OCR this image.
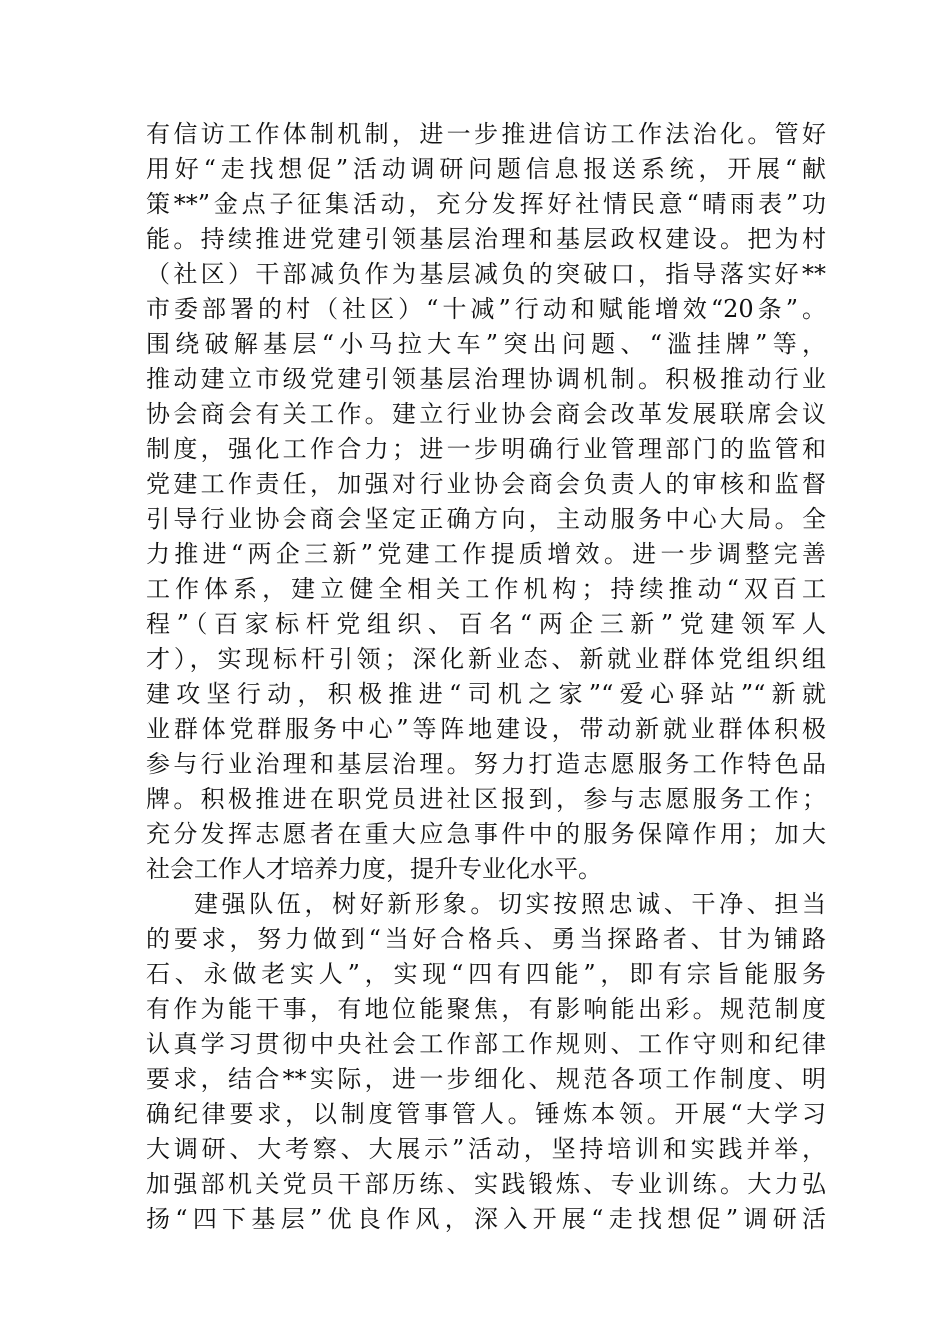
有信访工作体制机制，进一步推进信访工作法治化。管好
用好“走找想促”活动调研问题信息报送系统，开展“献
策**”金点子征集活动，充分发挥好社情民意“晴雨表”功
能。持续推进党建引领基层治理和基层政权建设。把为村
（社区）干部减负作为基层减负的突破口，指导落实好**
市委部署的村（社区）“十减”行动和赋能增效“20条”。
围绕破解基层“小马拉大车”突出问题、“滥挂牌”等，
推动建立市级党建引领基层治理协调机制。积极推动行业
协会商会有关工作。建立行业协会商会改革发展联席会议
制度，强化工作合力；进一步明确行业管理部门的监管和
党建工作责任，加强对行业协会商会负责人的审核和监督
引导行业协会商会坚定正确方向，主动服务中心大局。全
力推进“两企三新”党建工作提质增效。进一步调整完善
工作体系，建立健全相关工作机构；持续推动“双百工
程”（百家标杆党组织、百名“两企三新”党建领军人
才），实现标杆引领；深化新业态、新就业群体党组织组
建攻坚行动，积极推进“司机之家”“爱心驿站”“新就
业群体党群服务中心”等阵地建设，带动新就业群体积极
参与行业治理和基层治理。努力打造志愿服务工作特色品
牌。积极推进在职党员进社区报到，参与志愿服务工作；
充分发挥志愿者在重大应急事件中的服务保障作用；加大
社会工作人才培养力度，提升专业化水平。
建强队伍，树好新形象。切实按照忠诚、干净、担当
的要求，努力做到“当好合格兵、勇当探路者、甘为铺路
石、永做老实人”，实现“四有四能”，即有宗旨能服务
有作为能干事，有地位能聚焦，有影响能出彩。规范制度
认真学习贯彻中央社会工作部工作规则、工作守则和纪律
要求，结合**实际，进一步细化、规范各项工作制度、明
确纪律要求，以制度管事管人。锤炼本领。开展“大学习
大调研、大考察、大展示”活动，坚持培训和实践并举，
加强部机关党员干部历练、实践锻炼、专业训练。大力弘
扬“四下基层”优良作风，深入开展“走找想促”调研活
